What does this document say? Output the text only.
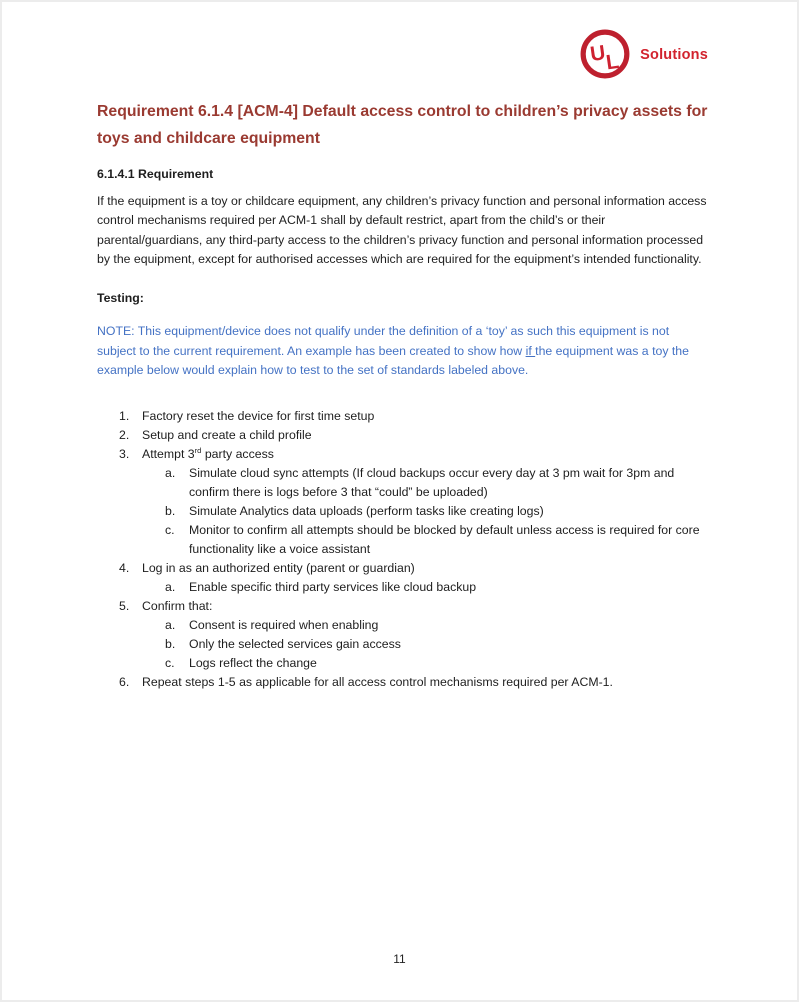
U
L Solutions
Requirement 6.1.4 [ACM-4] Default access control to children’s privacy assets for
toys and childcare equipment
6.1.4.1 Requirement

If the equipment is a toy or childcare equipment, any children’s privacy function and personal information access control mechanisms required per ACM-1 shall by default restrict, apart from the child’s or their parental/guardians, any third-party access to the children’s privacy function and personal information processed by the equipment, except for authorised accesses which are required for the equipment’s intended functionality.

Testing:

NOTE: This equipment/device does not qualify under the definition of a ‘toy’ as such this equipment is not subject to the current requirement. An example has been created to show how if the equipment was a toy the example below would explain how to test to the set of standards labeled above.

1.	Factory reset the device for first time setup
2.	Setup and create a child profile
3.	Attempt 3rd party access
a.	Simulate cloud sync attempts (If cloud backups occur every day at 3 pm wait for 3pm and confirm there is logs before 3 that “could” be uploaded)
b.	Simulate Analytics data uploads (perform tasks like creating logs)
c.	Monitor to confirm all attempts should be blocked by default unless access is required for core functionality like a voice assistant
4.	Log in as an authorized entity (parent or guardian)
a.	Enable specific third party services like cloud backup
5.	Confirm that:
a.	Consent is required when enabling
b.	Only the selected services gain access
c.	Logs reflect the change
6.	Repeat steps 1-5 as applicable for all access control mechanisms required per ACM-1.
11
